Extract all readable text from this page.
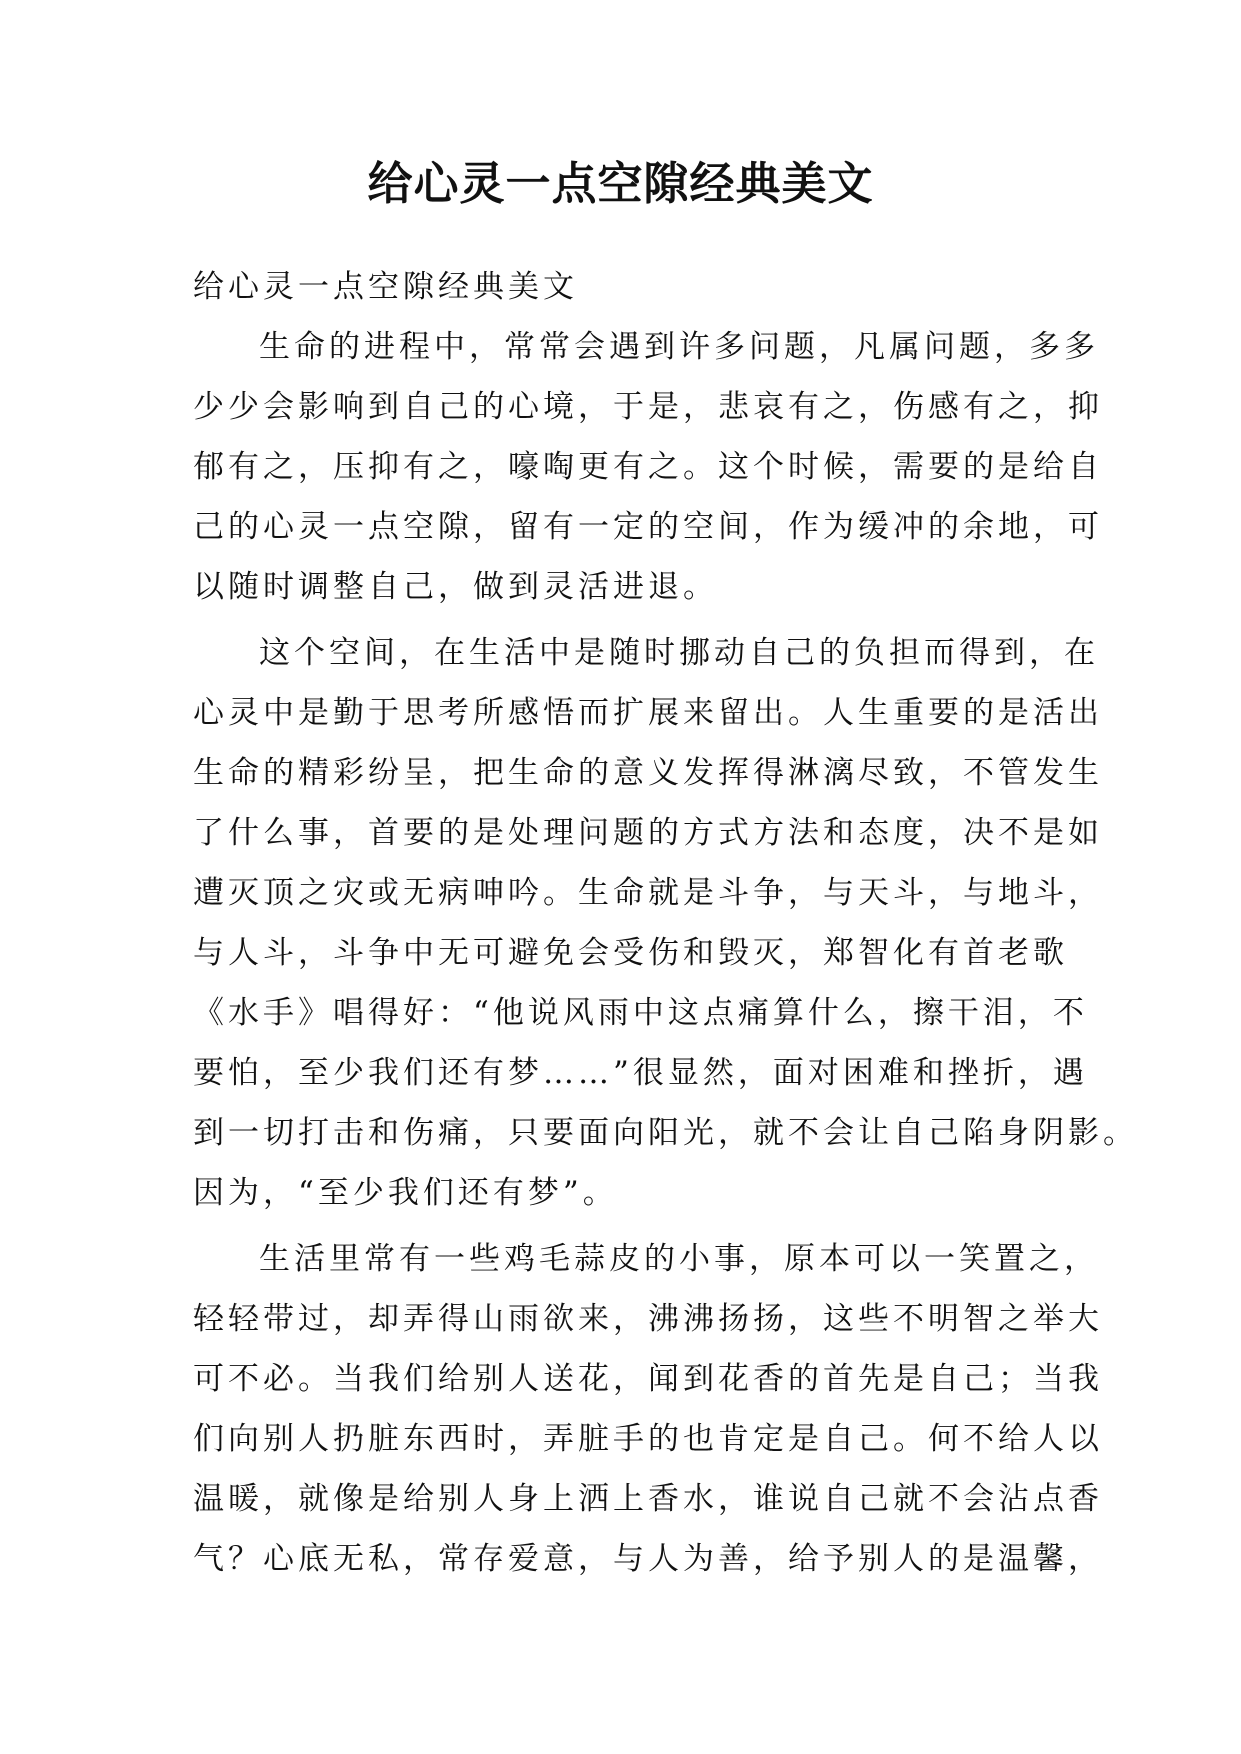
给心灵一点空隙经典美文

给心灵一点空隙经典美文

生命的进程中，常常会遇到许多问题，凡属问题，多多
少少会影响到自己的心境，于是，悲哀有之，伤感有之，抑
郁有之，压抑有之，嚎啕更有之。这个时候，需要的是给自
己的心灵一点空隙，留有一定的空间，作为缓冲的余地，可
以随时调整自己，做到灵活进退。
这个空间，在生活中是随时挪动自己的负担而得到，在
心灵中是勤于思考所感悟而扩展来留出。人生重要的是活出
生命的精彩纷呈，把生命的意义发挥得淋漓尽致，不管发生
了什么事，首要的是处理问题的方式方法和态度，决不是如
遭灭顶之灾或无病呻吟。生命就是斗争，与天斗，与地斗，
与人斗，斗争中无可避免会受伤和毁灭，郑智化有首老歌
《水手》唱得好：“他说风雨中这点痛算什么，擦干泪，不
要怕，至少我们还有梦……”很显然，面对困难和挫折，遇
到一切打击和伤痛，只要面向阳光，就不会让自己陷身阴影。
因为，“至少我们还有梦”。
生活里常有一些鸡毛蒜皮的小事，原本可以一笑置之，
轻轻带过，却弄得山雨欲来，沸沸扬扬，这些不明智之举大
可不必。当我们给别人送花，闻到花香的首先是自己；当我
们向别人扔脏东西时，弄脏手的也肯定是自己。何不给人以
温暖，就像是给别人身上洒上香水，谁说自己就不会沾点香
气？心底无私，常存爱意，与人为善，给予别人的是温馨，
